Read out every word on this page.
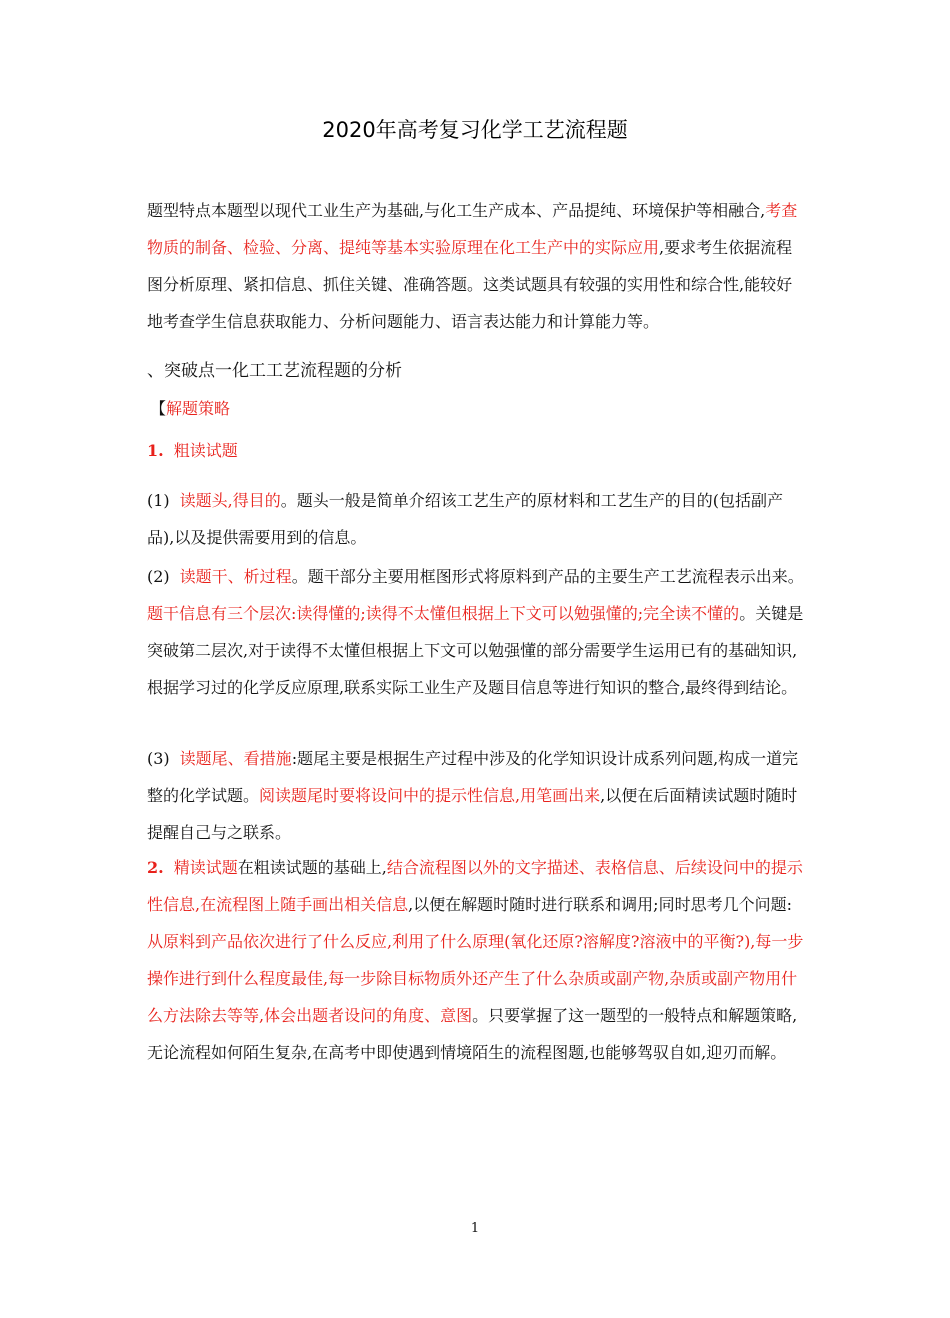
2020年高考复习化学工艺流程题

题型特点本题型以现代工业生产为基础,与化工生产成本、产品提纯、环境保护等相融合,考查物质的制备、检验、分离、提纯等基本实验原理在化工生产中的实际应用,要求考生依据流程图分析原理、紧扣信息、抓住关键、准确答题。这类试题具有较强的实用性和综合性,能较好地考查学生信息获取能力、分析问题能力、语言表达能力和计算能力等。

、突破点一化工工艺流程题的分析
【解题策略
1. 粗读试题

(1) 读题头,得目的。题头一般是简单介绍该工艺生产的原材料和工艺生产的目的(包括副产品),以及提供需要用到的信息。

(2) 读题干、析过程。题干部分主要用框图形式将原料到产品的主要生产工艺流程表示出来。题干信息有三个层次:读得懂的;读得不太懂但根据上下文可以勉强懂的;完全读不懂的。关键是突破第二层次,对于读得不太懂但根据上下文可以勉强懂的部分需要学生运用已有的基础知识,根据学习过的化学反应原理,联系实际工业生产及题目信息等进行知识的整合,最终得到结论。

(3) 读题尾、看措施:题尾主要是根据生产过程中涉及的化学知识设计成系列问题,构成一道完整的化学试题。阅读题尾时要将设问中的提示性信息,用笔画出来,以便在后面精读试题时随时提醒自己与之联系。

2. 精读试题在粗读试题的基础上,结合流程图以外的文字描述、表格信息、后续设问中的提示性信息,在流程图上随手画出相关信息,以便在解题时随时进行联系和调用;同时思考几个问题:从原料到产品依次进行了什么反应,利用了什么原理(氧化还原?溶解度?溶液中的平衡?),每一步操作进行到什么程度最佳,每一步除目标物质外还产生了什么杂质或副产物,杂质或副产物用什么方法除去等等,体会出题者设问的角度、意图。只要掌握了这一题型的一般特点和解题策略,无论流程如何陌生复杂,在高考中即使遇到情境陌生的流程图题,也能够驾驭自如,迎刃而解。

1
